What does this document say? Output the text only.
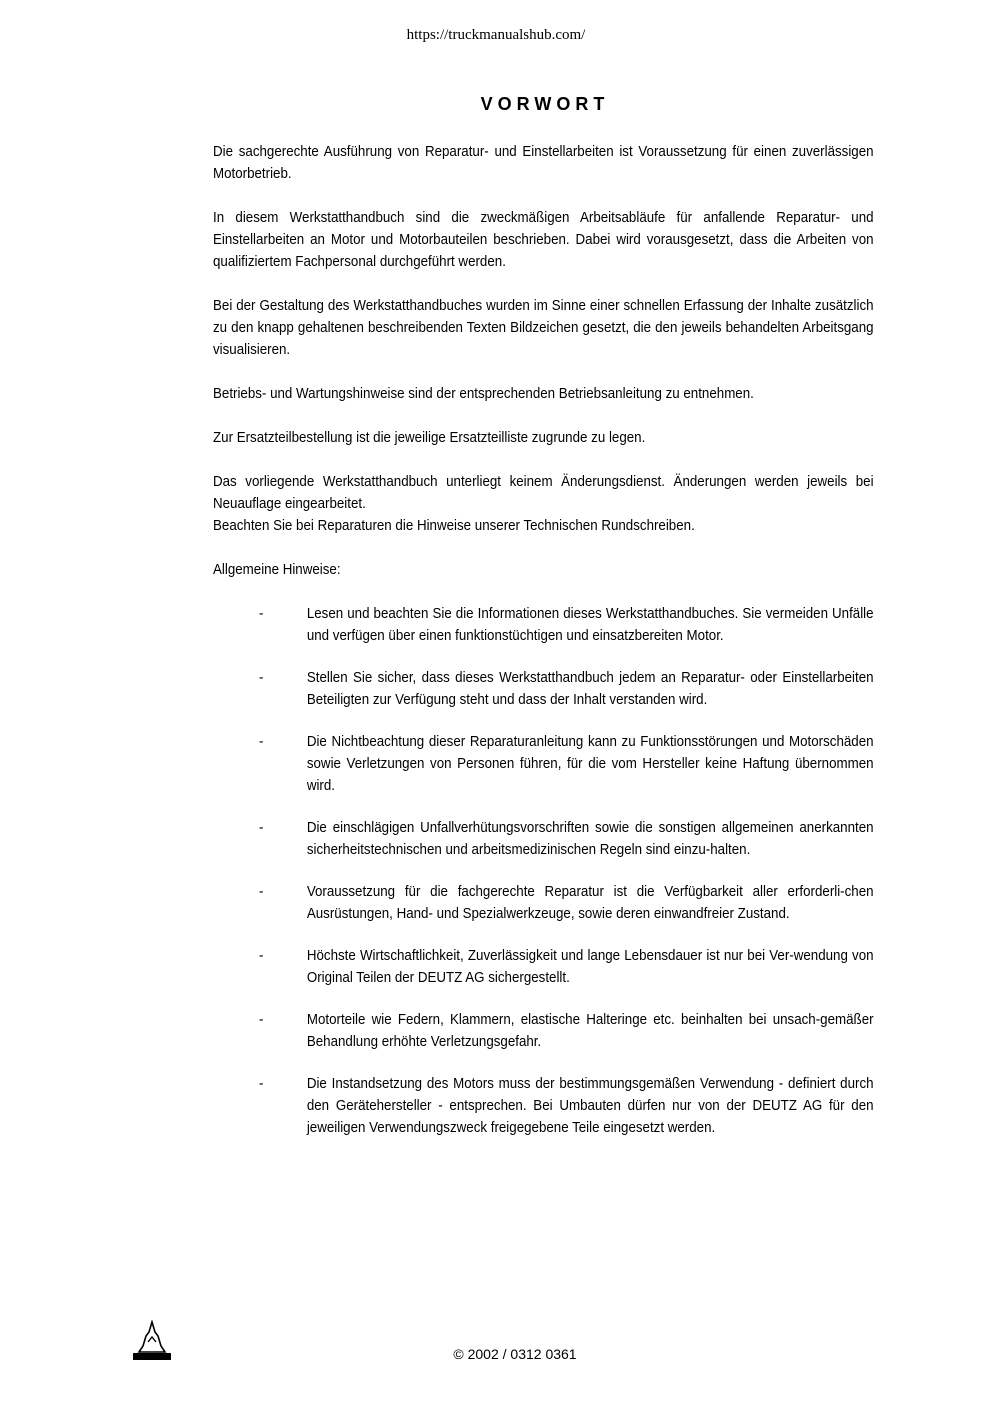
https://truckmanualshub.com/
VORWORT

Die sachgerechte Ausführung von Reparatur- und Einstellarbeiten ist Voraussetzung für einen zuverlässigen Motorbetrieb.

In diesem Werkstatthandbuch sind die zweckmäßigen Arbeitsabläufe für anfallende Reparatur- und Einstellarbeiten an Motor und Motorbauteilen beschrieben. Dabei wird vorausgesetzt, dass die Arbeiten von qualifiziertem Fachpersonal durchgeführt werden.

Bei der Gestaltung des Werkstatthandbuches wurden im Sinne einer schnellen Erfassung der Inhalte zusätzlich zu den knapp gehaltenen beschreibenden Texten Bildzeichen gesetzt, die den jeweils behandelten Arbeitsgang visualisieren.

Betriebs- und Wartungshinweise sind der entsprechenden Betriebsanleitung zu entnehmen.

Zur Ersatzteilbestellung ist die jeweilige Ersatzteilliste zugrunde zu legen.

Das vorliegende Werkstatthandbuch unterliegt keinem Änderungsdienst. Änderungen werden jeweils bei Neuauflage eingearbeitet.

Beachten Sie bei Reparaturen die Hinweise unserer Technischen Rundschreiben.

Allgemeine Hinweise:

-	Lesen und beachten Sie die Informationen dieses Werkstatthandbuches. Sie vermeiden Unfälle und verfügen über einen funktionstüchtigen und einsatzbereiten Motor.
-	Stellen Sie sicher, dass dieses Werkstatthandbuch jedem an Reparatur- oder Einstellarbeiten Beteiligten zur Verfügung steht und dass der Inhalt verstanden wird.
-	Die Nichtbeachtung dieser Reparaturanleitung kann zu Funktionsstörungen und Motorschäden sowie Verletzungen von Personen führen, für die vom Hersteller keine Haftung übernommen wird.
-	Die einschlägigen Unfallverhütungsvorschriften sowie die sonstigen allgemeinen anerkannten sicherheitstechnischen und arbeitsmedizinischen Regeln sind einzu-halten.
-	Voraussetzung für die fachgerechte Reparatur ist die Verfügbarkeit aller erforderli-chen Ausrüstungen, Hand- und Spezialwerkzeuge, sowie deren einwandfreier Zustand.
-	Höchste Wirtschaftlichkeit, Zuverlässigkeit und lange Lebensdauer ist nur bei Ver-wendung von Original Teilen der DEUTZ AG sichergestellt.
-	Motorteile wie Federn, Klammern, elastische Halteringe etc. beinhalten bei unsach-gemäßer Behandlung erhöhte Verletzungsgefahr.
-	Die Instandsetzung des Motors muss der bestimmungsgemäßen Verwendung - definiert durch den Gerätehersteller - entsprechen. Bei Umbauten dürfen nur von der DEUTZ AG für den jeweiligen Verwendungszweck freigegebene Teile eingesetzt werden.
© 2002 / 0312 0361
